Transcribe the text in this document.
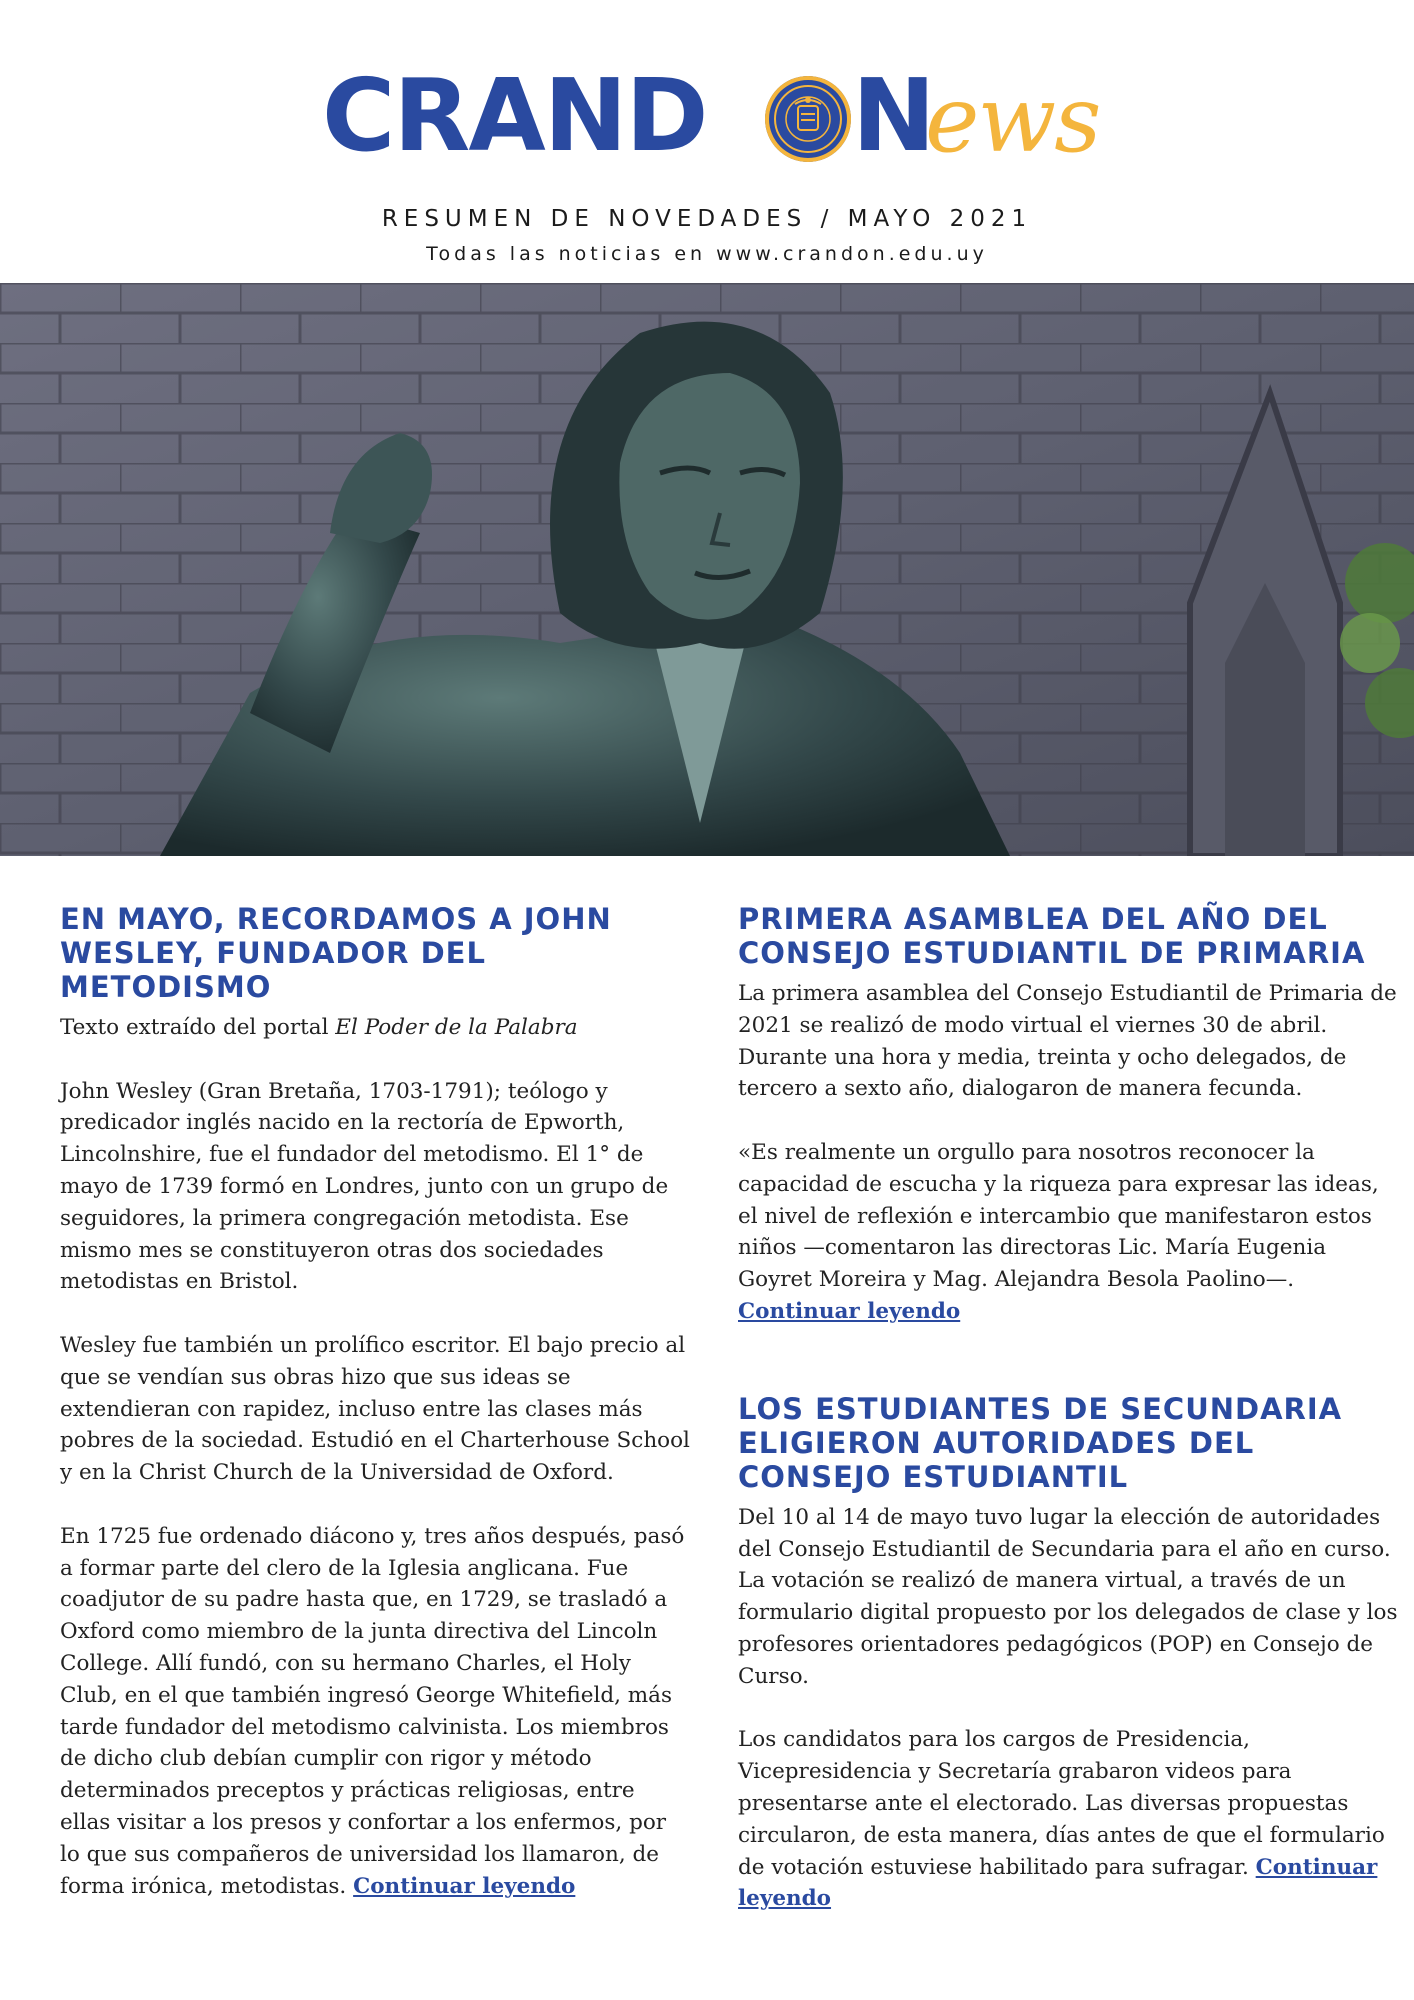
CRAND N
ews
RESUMEN DE NOVEDADES / MAYO 2021
Todas las noticias en www.crandon.edu.uy
EN MAYO, RECORDAMOS A JOHN WESLEY, FUNDADOR DEL METODISMO

Texto extraído del portal El Poder de la Palabra

John Wesley (Gran Bretaña, 1703-1791); teólogo y predicador inglés nacido en la rectoría de Epworth, Lincolnshire, fue el fundador del metodismo. El 1° de mayo de 1739 formó en Londres, junto con un grupo de seguidores, la primera congregación metodista. Ese mismo mes se constituyeron otras dos sociedades metodistas en Bristol.

Wesley fue también un prolífico escritor. El bajo precio al que se vendían sus obras hizo que sus ideas se extendieran con rapidez, incluso entre las clases más pobres de la sociedad. Estudió en el Charterhouse School y en la Christ Church de la Universidad de Oxford.

En 1725 fue ordenado diácono y, tres años después, pasó a formar parte del clero de la Iglesia anglicana. Fue coadjutor de su padre hasta que, en 1729, se trasladó a Oxford como miembro de la junta directiva del Lincoln College. Allí fundó, con su hermano Charles, el Holy Club, en el que también ingresó George Whitefield, más tarde fundador del metodismo calvinista. Los miembros de dicho club debían cumplir con rigor y método determinados preceptos y prácticas religiosas, entre ellas visitar a los presos y confortar a los enfermos, por lo que sus compañeros de universidad los llamaron, de forma irónica, metodistas. Continuar leyendo

PRIMERA ASAMBLEA DEL AÑO DEL CONSEJO ESTUDIANTIL DE PRIMARIA

La primera asamblea del Consejo Estudiantil de Primaria de 2021 se realizó de modo virtual el viernes 30 de abril. Durante una hora y media, treinta y ocho delegados, de tercero a sexto año, dialogaron de manera fecunda.

«Es realmente un orgullo para nosotros reconocer la capacidad de escucha y la riqueza para expresar las ideas, el nivel de reflexión e intercambio que manifestaron estos niños —comentaron las directoras Lic. María Eugenia Goyret Moreira y Mag. Alejandra Besola Paolino—. Continuar leyendo

LOS ESTUDIANTES DE SECUNDARIA ELIGIERON AUTORIDADES DEL CONSEJO ESTUDIANTIL

Del 10 al 14 de mayo tuvo lugar la elección de autoridades del Consejo Estudiantil de Secundaria para el año en curso. La votación se realizó de manera virtual, a través de un formulario digital propuesto por los delegados de clase y los profesores orientadores pedagógicos (POP) en Consejo de Curso.

Los candidatos para los cargos de Presidencia, Vicepresidencia y Secretaría grabaron videos para presentarse ante el electorado. Las diversas propuestas circularon, de esta manera, días antes de que el formulario de votación estuviese habilitado para sufragar. Continuar leyendo
